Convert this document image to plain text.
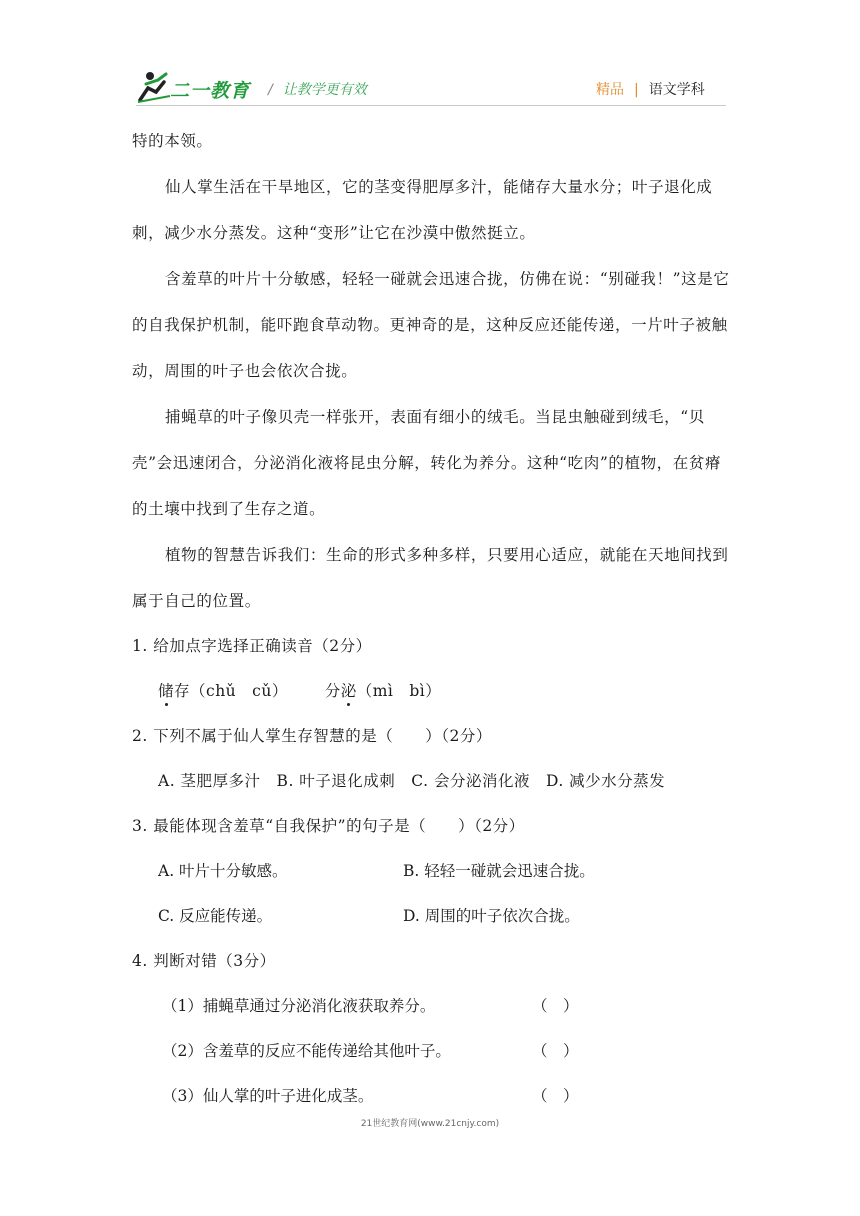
二一教育 / 让教学更有效	精品 | 语文学科

特的本领。

仙人掌生活在干旱地区，它的茎变得肥厚多汁，能储存大量水分；叶子退化成刺，减少水分蒸发。这种“变形”让它在沙漠中傲然挺立。

含羞草的叶片十分敏感，轻轻一碰就会迅速合拢，仿佛在说：“别碰我！”这是它的自我保护机制，能吓跑食草动物。更神奇的是，这种反应还能传递，一片叶子被触动，周围的叶子也会依次合拢。

捕蝇草的叶子像贝壳一样张开，表面有细小的绒毛。当昆虫触碰到绒毛，“贝壳”会迅速闭合，分泌消化液将昆虫分解，转化为养分。这种“吃肉”的植物，在贫瘠的土壤中找到了生存之道。

植物的智慧告诉我们：生命的形式多种多样，只要用心适应，就能在天地间找到属于自己的位置。

1. 给加点字选择正确读音（2分）

储存（chǔ　cǔ） 分泌（mì　bì）

2. 下列不属于仙人掌生存智慧的是（　　）（2分）

A. 茎肥厚多汁　B. 叶子退化成刺　C. 会分泌消化液　D. 减少水分蒸发

3. 最能体现含羞草“自我保护”的句子是（　　）（2分）

A. 叶片十分敏感。	B. 轻轻一碰就会迅速合拢。
C. 反应能传递。	D. 周围的叶子依次合拢。

4. 判断对错（3分）

（1）捕蝇草通过分泌消化液获取养分。	（　）
（2）含羞草的反应不能传递给其他叶子。	（　）
（3）仙人掌的叶子进化成茎。	（　）
21世纪教育网(www.21cnjy.com)
